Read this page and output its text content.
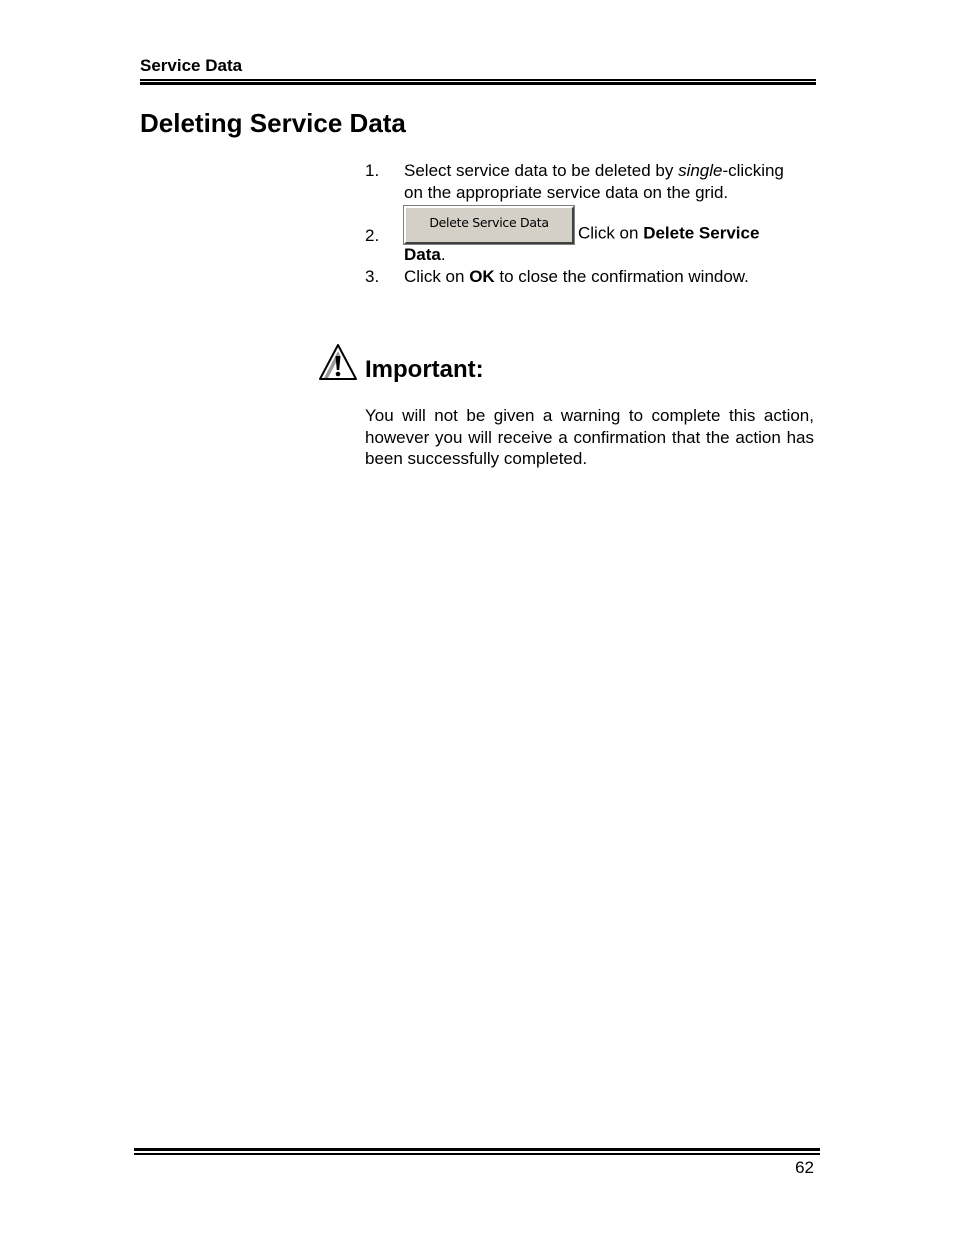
Service Data
Deleting Service Data
1. Select service data to be deleted by single-clicking on the appropriate service data on the grid.
2.
Delete Service DataClick on Delete Service Data.
3. Click on OK to close the confirmation window.
Important:

You will not be given a warning to complete this action, however you will receive a confirmation that the action has been successfully completed.

62
